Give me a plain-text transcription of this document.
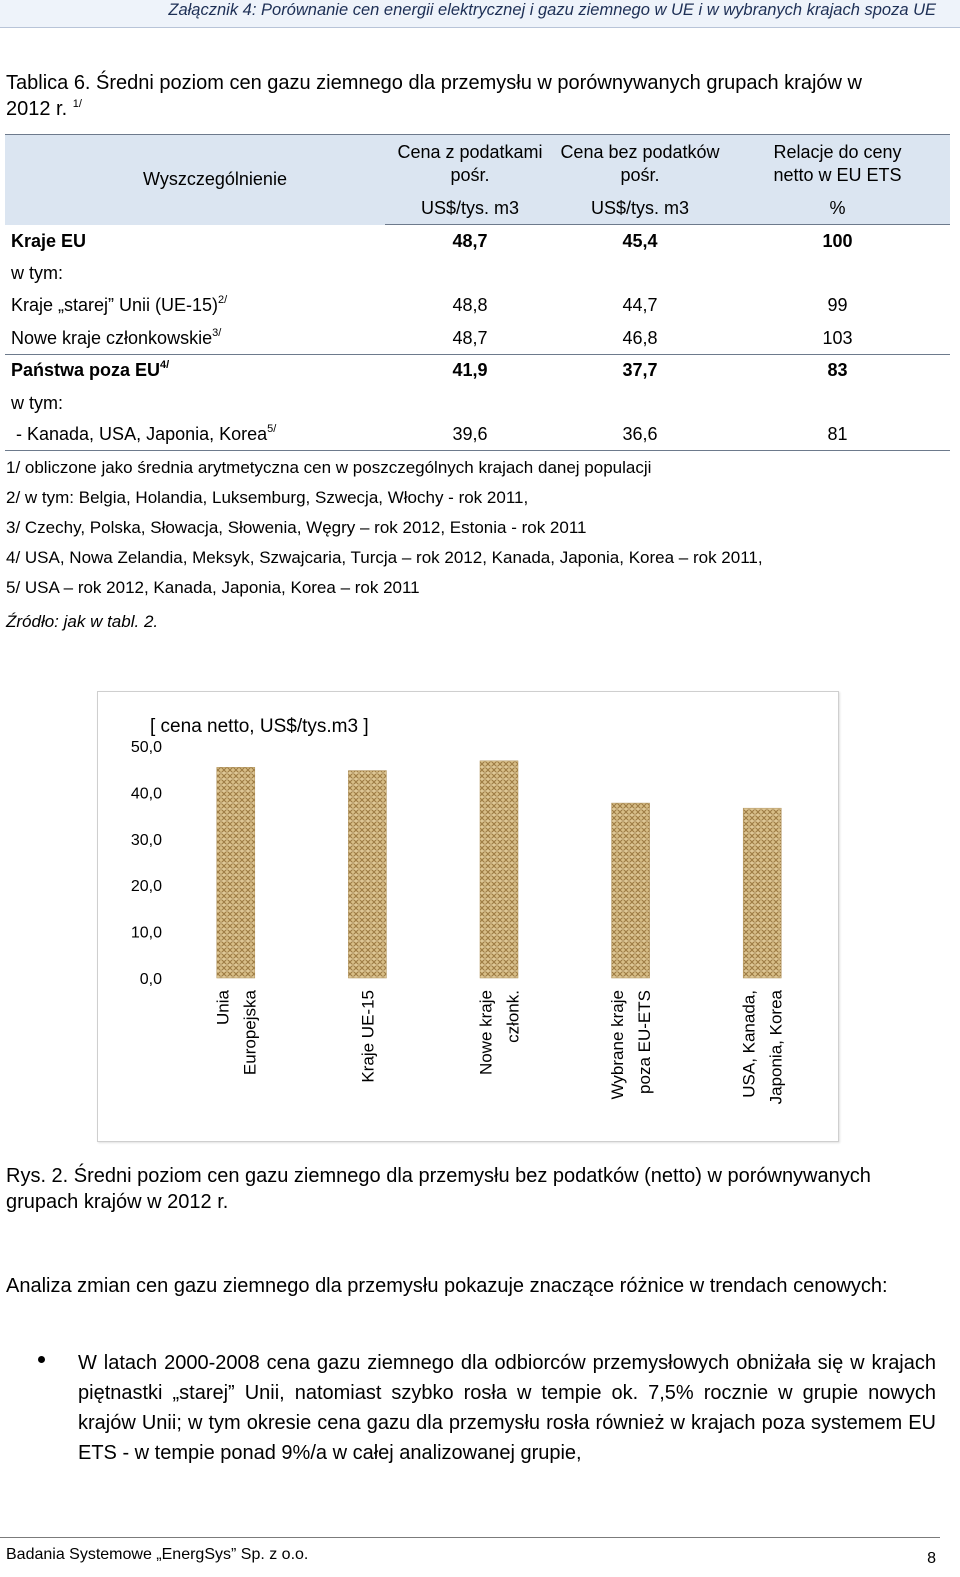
Załącznik 4: Porównanie cen energii elektrycznej i gazu ziemnego w UE i w wybranych krajach spoza UE
Tablica 6. Średni poziom cen gazu ziemnego dla przemysłu w porównywanych grupach krajów w 2012 r. $^{1/}$
Wyszczególnienie	Cena z podatkami pośr.	Cena bez podatków pośr.	Relacje do ceny netto w EU ETS
	US$/tys. m3	US$/tys. m3	%
Kraje EU	48,7	45,4	100
w tym:			
Kraje „starej” Unii $(UE-15)^{2/}$	48,8	44,7	99
Nowe kraje członkowskie$^{3/}$	48,7	46,8	103
Państwa poza $EU^{4/}$	41,9	37,7	83
w tym:			
- Kanada, USA, Japonia, Korea$^{5/}$	39,6	36,6	81
1/ obliczone jako średnia arytmetyczna cen w poszczególnych krajach danej populacji
2/ w tym: Belgia, Holandia, Luksemburg, Szwecja, Włochy - rok 2011,
3/ Czechy, Polska, Słowacja, Słowenia, Węgry – rok 2012, Estonia - rok 2011
4/ USA, Nowa Zelandia, Meksyk, Szwajcaria, Turcja – rok 2012, Kanada, Japonia, Korea – rok 2011,
5/ USA – rok 2012, Kanada, Japonia, Korea – rok 2011
Źródło: jak w tabl. 2.
[ cena netto, US$/tys.m3 ]
0,0
10,0
20,0
30,0
40,0
50,0
Unia Europejska	Kraje UE-15	Nowe kraje członk.	Wybrane kraje poza EU-ETS	USA, Kanada, Japonia, Korea
Rys. 2. Średni poziom cen gazu ziemnego dla przemysłu bez podatków (netto) w porównywanych grupach krajów w 2012 r.
Analiza zmian cen gazu ziemnego dla przemysłu pokazuje znaczące różnice w trendach cenowych:
W latach 2000-2008 cena gazu ziemnego dla odbiorców przemysłowych obniżała się w krajach piętnastki „starej” Unii, natomiast szybko rosła w tempie ok. 7,5% rocznie w grupie nowych krajów Unii; w tym okresie cena gazu dla przemysłu rosła również w krajach poza systemem EU ETS - w tempie ponad 9%/a w całej analizowanej grupie,
Badania Systemowe „EnergSys” Sp. z o.o.	8
